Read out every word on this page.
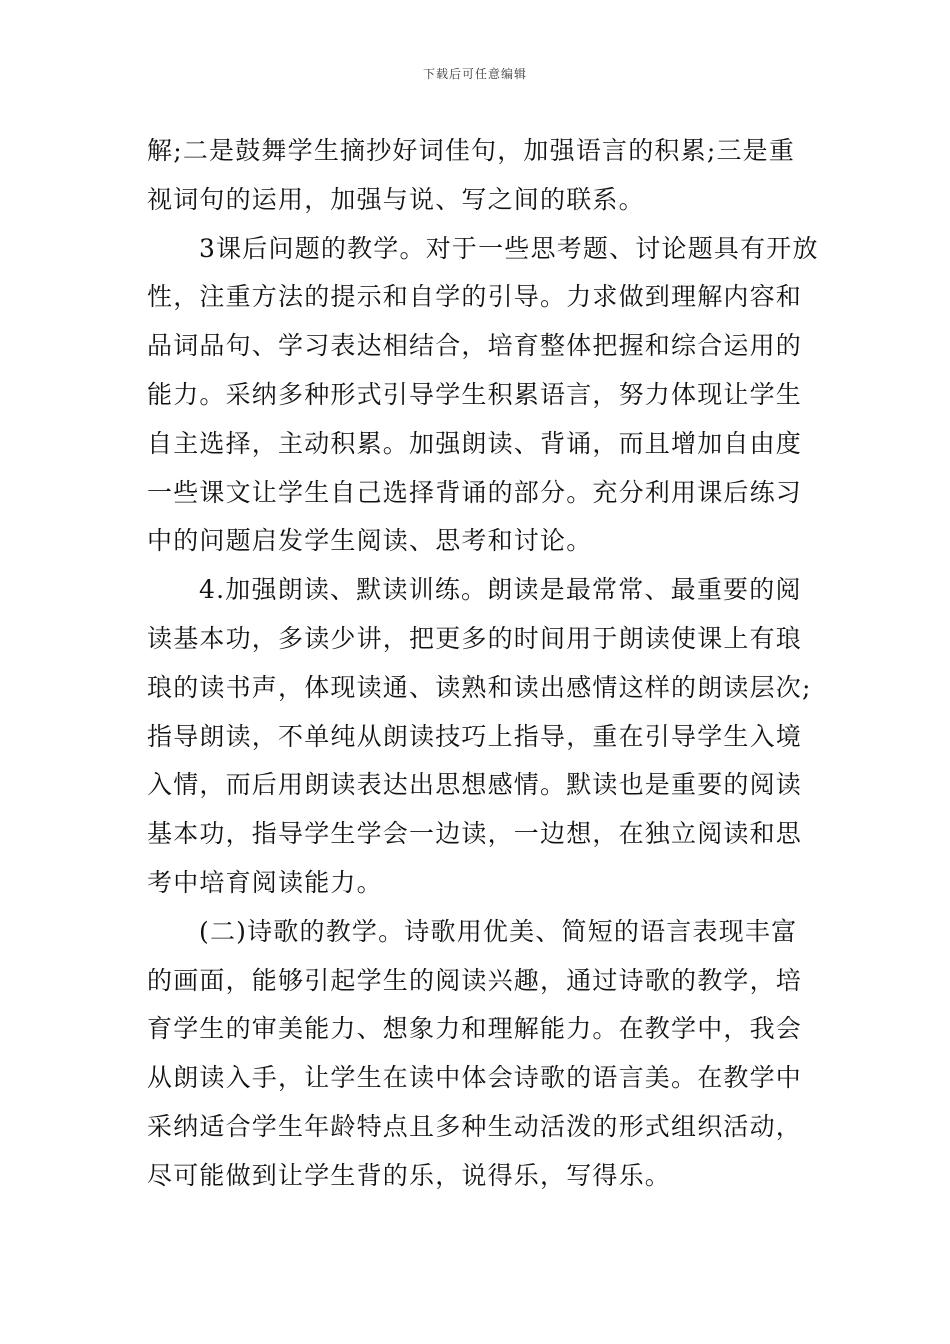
下载后可任意编辑
解;二是鼓舞学生摘抄好词佳句，加强语言的积累;三是重
视词句的运用，加强与说、写之间的联系。
3课后问题的教学。对于一些思考题、讨论题具有开放
性，注重方法的提示和自学的引导。力求做到理解内容和
品词品句、学习表达相结合，培育整体把握和综合运用的
能力。采纳多种形式引导学生积累语言，努力体现让学生
自主选择，主动积累。加强朗读、背诵，而且增加自由度
一些课文让学生自己选择背诵的部分。充分利用课后练习
中的问题启发学生阅读、思考和讨论。
4.加强朗读、默读训练。朗读是最常常、最重要的阅
读基本功，多读少讲，把更多的时间用于朗读使课上有琅
琅的读书声，体现读通、读熟和读出感情这样的朗读层次;
指导朗读，不单纯从朗读技巧上指导，重在引导学生入境
入情，而后用朗读表达出思想感情。默读也是重要的阅读
基本功，指导学生学会一边读，一边想，在独立阅读和思
考中培育阅读能力。
(二)诗歌的教学。诗歌用优美、简短的语言表现丰富
的画面，能够引起学生的阅读兴趣，通过诗歌的教学，培
育学生的审美能力、想象力和理解能力。在教学中，我会
从朗读入手，让学生在读中体会诗歌的语言美。在教学中
采纳适合学生年龄特点且多种生动活泼的形式组织活动，
尽可能做到让学生背的乐，说得乐，写得乐。
